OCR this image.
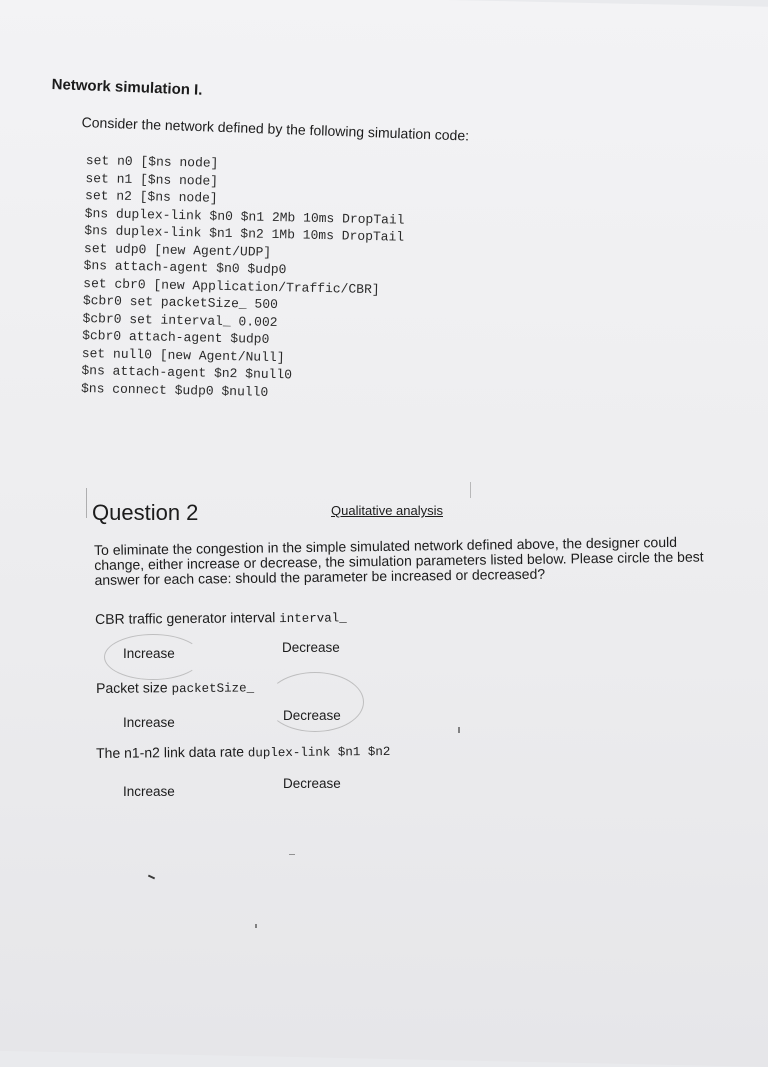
Network simulation I.
Consider the network defined by the following simulation code:
set n0 [$ns node]
set n1 [$ns node]
set n2 [$ns node]
$ns duplex-link $n0 $n1 2Mb 10ms DropTail
$ns duplex-link $n1 $n2 1Mb 10ms DropTail
set udp0 [new Agent/UDP]
$ns attach-agent $n0 $udp0
set cbr0 [new Application/Traffic/CBR]
$cbr0 set packetSize_ 500
$cbr0 set interval_ 0.002
$cbr0 attach-agent $udp0
set null0 [new Agent/Null]
$ns attach-agent $n2 $null0
$ns connect $udp0 $null0
Question 2	Qualitative analysis
To eliminate the congestion in the simple simulated network defined above, the designer could change, either increase or decrease, the simulation parameters listed below. Please circle the best answer for each case: should the parameter be increased or decreased?
CBR traffic generator interval interval_
Increase	Decrease
Packet size packetSize_
Increase	Decrease
The n1-n2 link data rate duplex-link $n1 $n2
Increase
Decrease
